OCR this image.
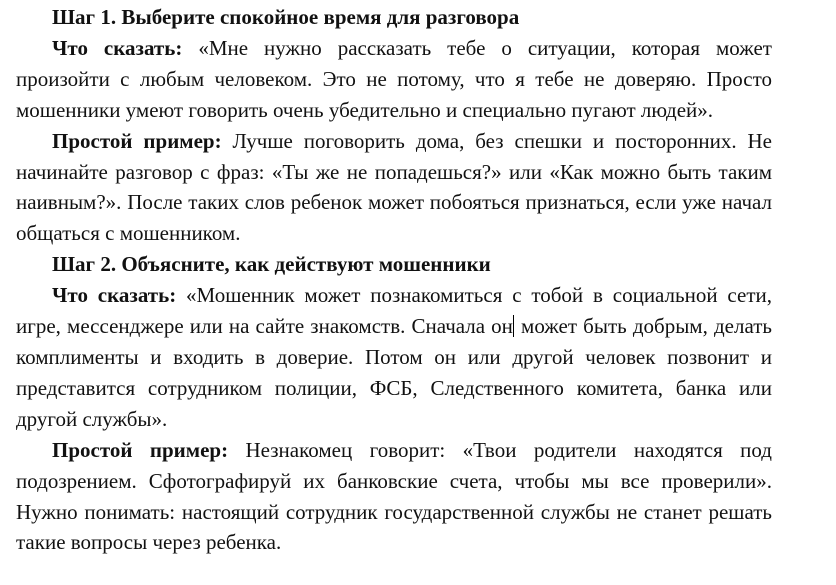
Шаг 1. Выберите спокойное время для разговора

Что сказать: «Мне нужно рассказать тебе о ситуации, которая может произойти с любым человеком. Это не потому, что я тебе не доверяю. Просто мошенники умеют говорить очень убедительно и специально пугают людей».

Простой пример: Лучше поговорить дома, без спешки и посторонних. Не начинайте разговор с фраз: «Ты же не попадешься?» или «Как можно быть таким наивным?». После таких слов ребенок может побояться признаться, если уже начал общаться с мошенником.

Шаг 2. Объясните, как действуют мошенники

Что сказать: «Мошенник может познакомиться с тобой в социальной сети, игре, мессенджере или на сайте знакомств. Сначала он может быть добрым, делать комплименты и входить в доверие. Потом он или другой человек позвонит и представится сотрудником полиции, ФСБ, Следственного комитета, банка или другой службы».

Простой пример: Незнакомец говорит: «Твои родители находятся под подозрением. Сфотографируй их банковские счета, чтобы мы все проверили». Нужно понимать: настоящий сотрудник государственной службы не станет решать такие вопросы через ребенка.
